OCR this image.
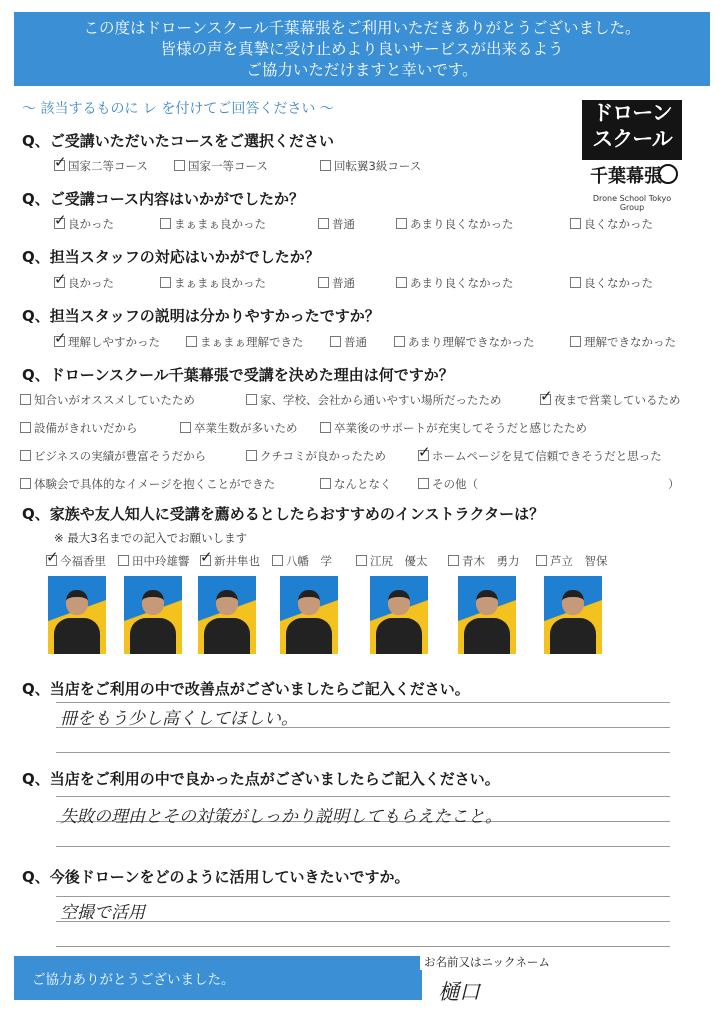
この度はドローンスクール千葉幕張をご利用いただきありがとうございました。
皆様の声を真摯に受け止めより良いサービスが出来るよう
ご協力いただけますと幸いです。
～ 該当するものに レ を付けてご回答ください ～	ドローン
スクール
千葉幕張
Drone School Tokyo Group
Q、ご受講いただいたコースをご選択ください
✓国家二等コース	国家一等コース	回転翼3級コース
Q、ご受講コース内容はいかがでしたか？
✓良かった	まぁまぁ良かった	普通	あまり良くなかった	良くなかった
Q、担当スタッフの対応はいかがでしたか？
✓良かった	まぁまぁ良かった	普通	あまり良くなかった	良くなかった
Q、担当スタッフの説明は分かりやすかったですか？
✓理解しやすかった	まぁまぁ理解できた	普通	あまり理解できなかった	理解できなかった
Q、ドローンスクール千葉幕張で受講を決めた理由は何ですか？
知合いがオススメしていたため	家、学校、会社から通いやすい場所だったため ✓	夜まで営業しているため
設備がきれいだから	卒業生数が多いため	卒業後のサポートが充実してそうだと感じたため
ビジネスの実績が豊富そうだから	クチコミが良かったため ✓	ホームページを見て信頼できそうだと思った
体験会で具体的なイメージを抱くことができた	なんとなく	その他（	）
Q、家族や友人知人に受講を薦めるとしたらおすすめのインストラクターは？
※ 最大3名までの記入でお願いします
✓今福香里	田中玲雄響 ✓	新井隼也	八幡　学	江尻　優太	青木　勇力	芦立　智保
Q、当店をご利用の中で改善点がございましたらご記入ください。
冊をもう少し高くしてほしい。
Q、当店をご利用の中で良かった点がございましたらご記入ください。
失敗の理由とその対策がしっかり説明してもらえたこと。
Q、今後ドローンをどのように活用していきたいですか。
空撮で活用
ご協力ありがとうございました。
お名前又はニックネーム
樋口
